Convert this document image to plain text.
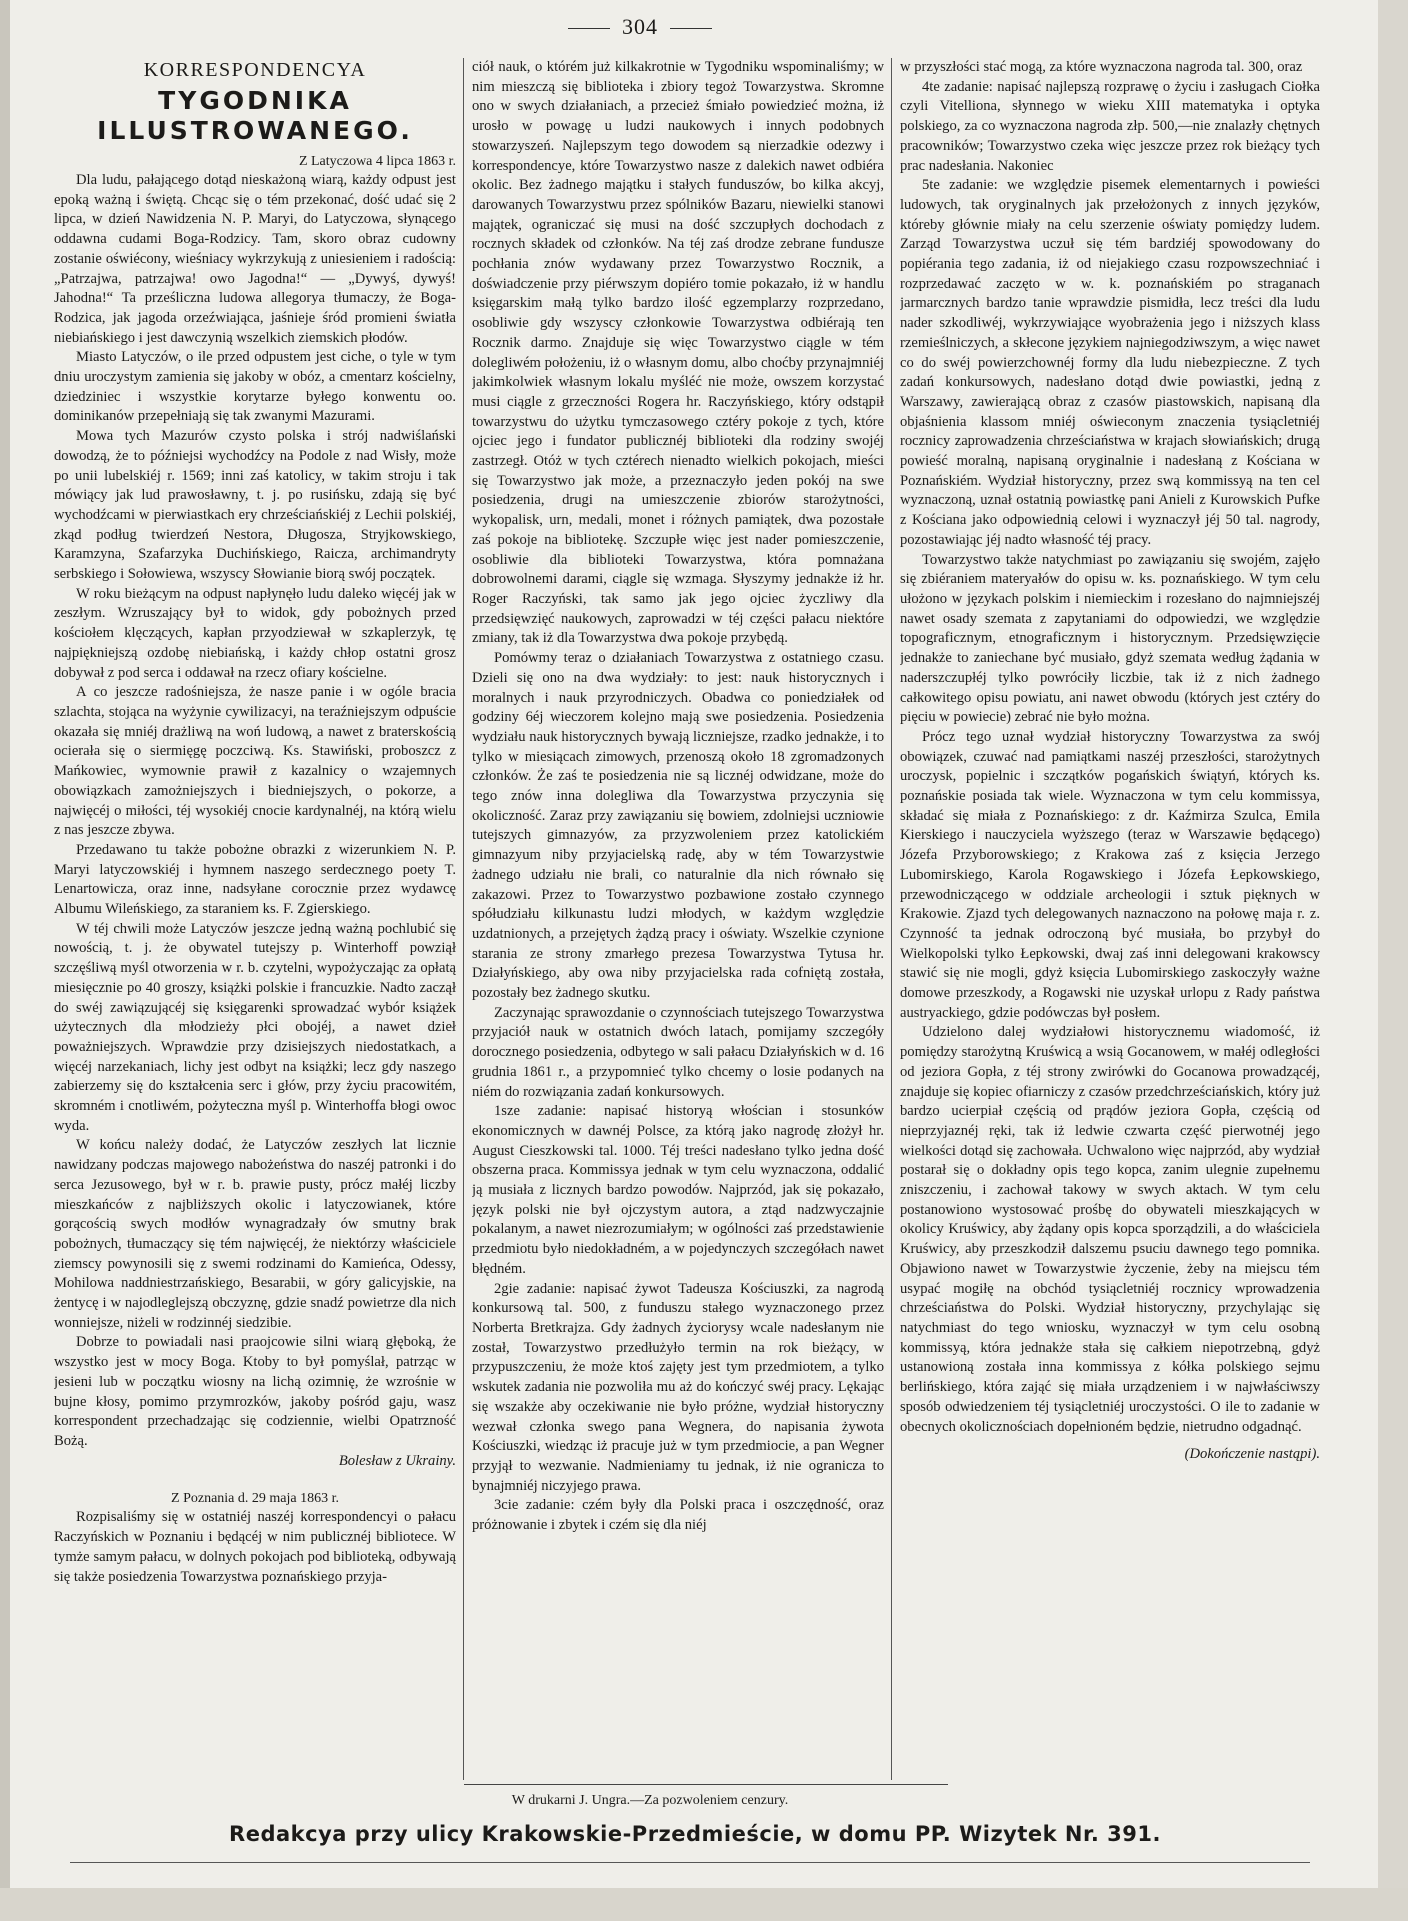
304
KORRESPONDENCYA
TYGODNIKA ILLUSTROWANEGO.
Z Latyczowa 4 lipca 1863 r.

Dla ludu, pałającego dotąd nieskażoną wiarą, każdy odpust jest epoką ważną i świętą. Chcąc się o tém przekonać, dość udać się 2 lipca, w dzień Nawidzenia N. P. Maryi, do Latyczowa, słynącego oddawna cudami Boga-Rodzicy. Tam, skoro obraz cudowny zostanie oświécony, wieśniacy wykrzykują z uniesieniem i radością: „Patrzajwa, patrzajwa! owo Jagodna!“ — „Dywyś, dywyś! Jahodna!“ Ta prześliczna ludowa allegorya tłumaczy, że Boga-Rodzica, jak jagoda orzeźwiająca, jaśnieje śród promieni światła niebiańskiego i jest dawczynią wszelkich ziemskich płodów.

Miasto Latyczów, o ile przed odpustem jest ciche, o tyle w tym dniu uroczystym zamienia się jakoby w obóz, a cmentarz kościelny, dziedziniec i wszystkie korytarze byłego konwentu oo. dominikanów przepełniają się tak zwanymi Mazurami.

Mowa tych Mazurów czysto polska i strój nadwiślański dowodzą, że to późniejsi wychodźcy na Podole z nad Wisły, może po unii lubelskiéj r. 1569; inni zaś katolicy, w takim stroju i tak mówiący jak lud prawosławny, t. j. po rusińsku, zdają się być wychodźcami w pierwiastkach ery chrześciańskiéj z Lechii polskiéj, zkąd podług twierdzeń Nestora, Długosza, Stryjkowskiego, Karamzyna, Szafarzyka Duchińskiego, Raicza, archimandryty serbskiego i Sołowiewa, wszyscy Słowianie biorą swój początek.

W roku bieżącym na odpust napłynęło ludu daleko więcéj jak w zeszłym. Wzruszający był to widok, gdy pobożnych przed kościołem klęczących, kapłan przyodziewał w szkaplerzyk, tę najpiękniejszą ozdobę niebiańską, i każdy chłop ostatni grosz dobywał z pod serca i oddawał na rzecz ofiary kościelne.

A co jeszcze radośniejsza, że nasze panie i w ogóle bracia szlachta, stojąca na wyżynie cywilizacyi, na teraźniejszym odpuście okazała się mniéj drażliwą na woń ludową, a nawet z braterskością ocierała się o siermięgę poczciwą. Ks. Stawiński, proboszcz z Mańkowiec, wymownie prawił z kazalnicy o wzajemnych obowiązkach zamożniejszych i biedniejszych, o pokorze, a najwięcéj o miłości, téj wysokiéj cnocie kardynalnéj, na którą wielu z nas jeszcze zbywa.

Przedawano tu także pobożne obrazki z wizerunkiem N. P. Maryi latyczowskiéj i hymnem naszego serdecznego poety T. Lenartowicza, oraz inne, nadsyłane corocznie przez wydawcę Albumu Wileńskiego, za staraniem ks. F. Zgierskiego.

W téj chwili może Latyczów jeszcze jedną ważną pochlubić się nowością, t. j. że obywatel tutejszy p. Winterhoff powziął szczęśliwą myśl otworzenia w r. b. czytelni, wypożyczając za opłatą miesięcznie po 40 groszy, książki polskie i francuzkie. Nadto zaczął do swéj zawiązującéj się księgarenki sprowadzać wybór książek użytecznych dla młodzieży płci obojéj, a nawet dzieł poważniejszych. Wprawdzie przy dzisiejszych niedostatkach, a więcéj narzekaniach, lichy jest odbyt na książki; lecz gdy naszego zabierzemy się do kształcenia serc i głów, przy życiu pracowitém, skromném i cnotliwém, pożyteczna myśl p. Winterhoffa błogi owoc wyda.

W końcu należy dodać, że Latyczów zeszłych lat licznie nawidzany podczas majowego nabożeństwa do naszéj patronki i do serca Jezusowego, był w r. b. prawie pusty, prócz małéj liczby mieszkańców z najbliższych okolic i latyczowianek, które gorącością swych modłów wynagradzały ów smutny brak pobożnych, tłumaczący się tém najwięcéj, że niektórzy właściciele ziemscy powynosili się z swemi rodzinami do Kamieńca, Odessy, Mohilowa naddniestrzańskiego, Besarabii, w góry galicyjskie, na żentycę i w najodleglejszą obczyznę, gdzie snadź powietrze dla nich wonniejsze, niżeli w rodzinnéj siedzibie.

Dobrze to powiadali nasi praojcowie silni wiarą głęboką, że wszystko jest w mocy Boga. Ktoby to był pomyślał, patrząc w jesieni lub w początku wiosny na lichą ozimnię, że wzrośnie w bujne kłosy, pomimo przymrozków, jakoby pośród gaju, wasz korrespondent przechadzając się codziennie, wielbi Opatrzność Bożą.

Bolesław z Ukrainy.
Z Poznania d. 29 maja 1863 r.

Rozpisaliśmy się w ostatniéj naszéj korrespondencyi o pałacu Raczyńskich w Poznaniu i będącéj w nim publicznéj bibliotece. W tymże samym pałacu, w dolnych pokojach pod biblioteką, odbywają się także posiedzenia Towarzystwa poznańskiego przyja-

ciół nauk, o którém już kilkakrotnie w Tygodniku wspominaliśmy; w nim mieszczą się biblioteka i zbiory tegoż Towarzystwa. Skromne ono w swych działaniach, a przecież śmiało powiedzieć można, iż urosło w powagę u ludzi naukowych i innych podobnych stowarzyszeń. Najlepszym tego dowodem są nierzadkie odezwy i korrespondencye, które Towarzystwo nasze z dalekich nawet odbiéra okolic. Bez żadnego majątku i stałych funduszów, bo kilka akcyj, darowanych Towarzystwu przez spólników Bazaru, niewielki stanowi majątek, ograniczać się musi na dość szczupłych dochodach z rocznych składek od członków. Na téj zaś drodze zebrane fundusze pochłania znów wydawany przez Towarzystwo Rocznik, a doświadczenie przy piérwszym dopiéro tomie pokazało, iż w handlu księgarskim małą tylko bardzo ilość egzemplarzy rozprzedano, osobliwie gdy wszyscy członkowie Towarzystwa odbiérają ten Rocznik darmo. Znajduje się więc Towarzystwo ciągle w tém dolegliwém położeniu, iż o własnym domu, albo choćby przynajmniéj jakimkolwiek własnym lokalu myśléć nie może, owszem korzystać musi ciągle z grzeczności Rogera hr. Raczyńskiego, który odstąpił towarzystwu do użytku tymczasowego cztéry pokoje z tych, które ojciec jego i fundator publicznéj biblioteki dla rodziny swojéj zastrzegł. Otóż w tych cztérech nienadto wielkich pokojach, mieści się Towarzystwo jak może, a przeznaczyło jeden pokój na swe posiedzenia, drugi na umieszczenie zbiorów starożytności, wykopalisk, urn, medali, monet i różnych pamiątek, dwa pozostałe zaś pokoje na bibliotekę. Szczupłe więc jest nader pomieszczenie, osobliwie dla biblioteki Towarzystwa, która pomnażana dobrowolnemi darami, ciągle się wzmaga. Słyszymy jednakże iż hr. Roger Raczyński, tak samo jak jego ojciec życzliwy dla przedsięwzięć naukowych, zaprowadzi w téj części pałacu niektóre zmiany, tak iż dla Towarzystwa dwa pokoje przybędą.

Pomówmy teraz o działaniach Towarzystwa z ostatniego czasu. Dzieli się ono na dwa wydziały: to jest: nauk historycznych i moralnych i nauk przyrodniczych. Obadwa co poniedziałek od godziny 6éj wieczorem kolejno mają swe posiedzenia. Posiedzenia wydziału nauk historycznych bywają liczniejsze, rzadko jednakże, i to tylko w miesiącach zimowych, przenoszą około 18 zgromadzonych członków. Że zaś te posiedzenia nie są licznéj odwidzane, może do tego znów inna dolegliwa dla Towarzystwa przyczynia się okoliczność. Zaraz przy zawiązaniu się bowiem, zdolniejsi uczniowie tutejszych gimnazyów, za przyzwoleniem przez katolickiém gimnazyum niby przyjacielską radę, aby w tém Towarzystwie żadnego udziału nie brali, co naturalnie dla nich równało się zakazowi. Przez to Towarzystwo pozbawione zostało czynnego spółudziału kilkunastu ludzi młodych, w każdym względzie uzdatnionych, a przejętych żądzą pracy i oświaty. Wszelkie czynione starania ze strony zmarłego prezesa Towarzystwa Tytusa hr. Działyńskiego, aby owa niby przyjacielska rada cofniętą została, pozostały bez żadnego skutku.

Zaczynając sprawozdanie o czynnościach tutejszego Towarzystwa przyjaciół nauk w ostatnich dwóch latach, pomijamy szczegóły dorocznego posiedzenia, odbytego w sali pałacu Działyńskich w d. 16 grudnia 1861 r., a przypomnieć tylko chcemy o losie podanych na niém do rozwiązania zadań konkursowych.

1sze zadanie: napisać historyą włościan i stosunków ekonomicznych w dawnéj Polsce, za którą jako nagrodę złożył hr. August Cieszkowski tal. 1000. Téj treści nadesłano tylko jedna dość obszerna praca. Kommissya jednak w tym celu wyznaczona, oddalić ją musiała z licznych bardzo powodów. Najprzód, jak się pokazało, język polski nie był ojczystym autora, a ztąd nadzwyczajnie pokalanym, a nawet niezrozumiałym; w ogólności zaś przedstawienie przedmiotu było niedokładném, a w pojedynczych szczegółach nawet błędném.

2gie zadanie: napisać żywot Tadeusza Kościuszki, za nagrodą konkursową tal. 500, z funduszu stałego wyznaczonego przez Norberta Bretkrajza. Gdy żadnych życiorysy wcale nadesłanym nie został, Towarzystwo przedłużyło termin na rok bieżący, w przypuszczeniu, że może ktoś zajęty jest tym przedmiotem, a tylko wskutek zadania nie pozwoliła mu aż do kończyć swéj pracy. Lękając się wszakże aby oczekiwanie nie było próżne, wydział historyczny wezwał członka swego pana Wegnera, do napisania żywota Kościuszki, wiedząc iż pracuje już w tym przedmiocie, a pan Wegner przyjął to wezwanie. Nadmieniamy tu jednak, iż nie ogranicza to bynajmniéj niczyjego prawa.

3cie zadanie: czém były dla Polski praca i oszczędność, oraz próżnowanie i zbytek i czém się dla niéj

w przyszłości stać mogą, za które wyznaczona nagroda tal. 300, oraz

4te zadanie: napisać najlepszą rozprawę o życiu i zasługach Ciołka czyli Vitelliona, słynnego w wieku XIII matematyka i optyka polskiego, za co wyznaczona nagroda złp. 500,—nie znalazły chętnych pracowników; Towarzystwo czeka więc jeszcze przez rok bieżący tych prac nadesłania. Nakoniec

5te zadanie: we względzie pisemek elementarnych i powieści ludowych, tak oryginalnych jak przełożonych z innych języków, któreby głównie miały na celu szerzenie oświaty pomiędzy ludem. Zarząd Towarzystwa uczuł się tém bardziéj spowodowany do popiérania tego zadania, iż od niejakiego czasu rozpowszechniać i rozprzedawać zaczęto w w. k. poznańskiém po straganach jarmarcznych bardzo tanie wprawdzie pismidła, lecz treści dla ludu nader szkodliwéj, wykrzywiające wyobrażenia jego i niższych klass rzemieślniczych, a skłecone językiem najniegodziwszym, a więc nawet co do swéj powierzchownéj formy dla ludu niebezpieczne. Z tych zadań konkursowych, nadesłano dotąd dwie powiastki, jedną z Warszawy, zawierającą obraz z czasów piastowskich, napisaną dla objaśnienia klassom mniéj oświeconym znaczenia tysiącletniéj rocznicy zaprowadzenia chrześciaństwa w krajach słowiańskich; drugą powieść moralną, napisaną oryginalnie i nadesłaną z Kościana w Poznańskiém. Wydział historyczny, przez swą kommissyą na ten cel wyznaczoną, uznał ostatnią powiastkę pani Anieli z Kurowskich Pufke z Kościana jako odpowiednią celowi i wyznaczył jéj 50 tal. nagrody, pozostawiając jéj nadto własność téj pracy.

Towarzystwo także natychmiast po zawiązaniu się swojém, zajęło się zbiéraniem materyałów do opisu w. ks. poznańskiego. W tym celu ułożono w językach polskim i niemieckim i rozesłano do najmniejszéj nawet osady szemata z zapytaniami do odpowiedzi, we względzie topograficznym, etnograficznym i historycznym. Przedsięwzięcie jednakże to zaniechane być musiało, gdyż szemata według żądania w naderszczupłéj tylko powróciły liczbie, tak iż z nich żadnego całkowitego opisu powiatu, ani nawet obwodu (których jest cztéry do pięciu w powiecie) zebrać nie było można.

Prócz tego uznał wydział historyczny Towarzystwa za swój obowiązek, czuwać nad pamiątkami naszéj przeszłości, starożytnych uroczysk, popielnic i szczątków pogańskich świątyń, których ks. poznańskie posiada tak wiele. Wyznaczona w tym celu kommissya, składać się miała z Poznańskiego: z dr. Kaźmirza Szulca, Emila Kierskiego i nauczyciela wyższego (teraz w Warszawie będącego) Józefa Przyborowskiego; z Krakowa zaś z księcia Jerzego Lubomirskiego, Karola Rogawskiego i Józefa Łepkowskiego, przewodniczącego w oddziale archeologii i sztuk pięknych w Krakowie. Zjazd tych delegowanych naznaczono na połowę maja r. z. Czynność ta jednak odroczoną być musiała, bo przybył do Wielkopolski tylko Łepkowski, dwaj zaś inni delegowani krakowscy stawić się nie mogli, gdyż księcia Lubomirskiego zaskoczyły ważne domowe przeszkody, a Rogawski nie uzyskał urlopu z Rady państwa austryackiego, gdzie podówczas był posłem.

Udzielono dalej wydziałowi historycznemu wiadomość, iż pomiędzy starożytną Kruświcą a wsią Gocanowem, w małéj odległości od jeziora Gopła, z téj strony zwirówki do Gocanowa prowadzącéj, znajduje się kopiec ofiarniczy z czasów przedchrześciańskich, który już bardzo ucierpiał częścią od prądów jeziora Gopła, częścią od nieprzyjaznéj ręki, tak iż ledwie czwarta część pierwotnéj jego wielkości dotąd się zachowała. Uchwalono więc najprzód, aby wydział postarał się o dokładny opis tego kopca, zanim ulegnie zupełnemu zniszczeniu, i zachował takowy w swych aktach. W tym celu postanowiono wystosować prośbę do obywateli mieszkających w okolicy Kruświcy, aby żądany opis kopca sporządzili, a do właściciela Kruświcy, aby przeszkodził dalszemu psuciu dawnego tego pomnika. Objawiono nawet w Towarzystwie życzenie, żeby na miejscu tém usypać mogiłę na obchód tysiącletniéj rocznicy wprowadzenia chrześciaństwa do Polski. Wydział historyczny, przychylając się natychmiast do tego wniosku, wyznaczył w tym celu osobną kommissyą, która jednakże stała się całkiem niepotrzebną, gdyż ustanowioną została inna kommissya z kółka polskiego sejmu berlińskiego, która zająć się miała urządzeniem i w najwłaściwszy sposób odwiedzeniem téj tysiącletniéj uroczystości. O ile to zadanie w obecnych okolicznościach dopełnioném będzie, nietrudno odgadnąć.

(Dokończenie nastąpi).
W drukarni J. Ungra.—Za pozwoleniem cenzury.
Redakcya przy ulicy Krakowskie-Przedmieście, w domu PP. Wizytek Nr. 391.
